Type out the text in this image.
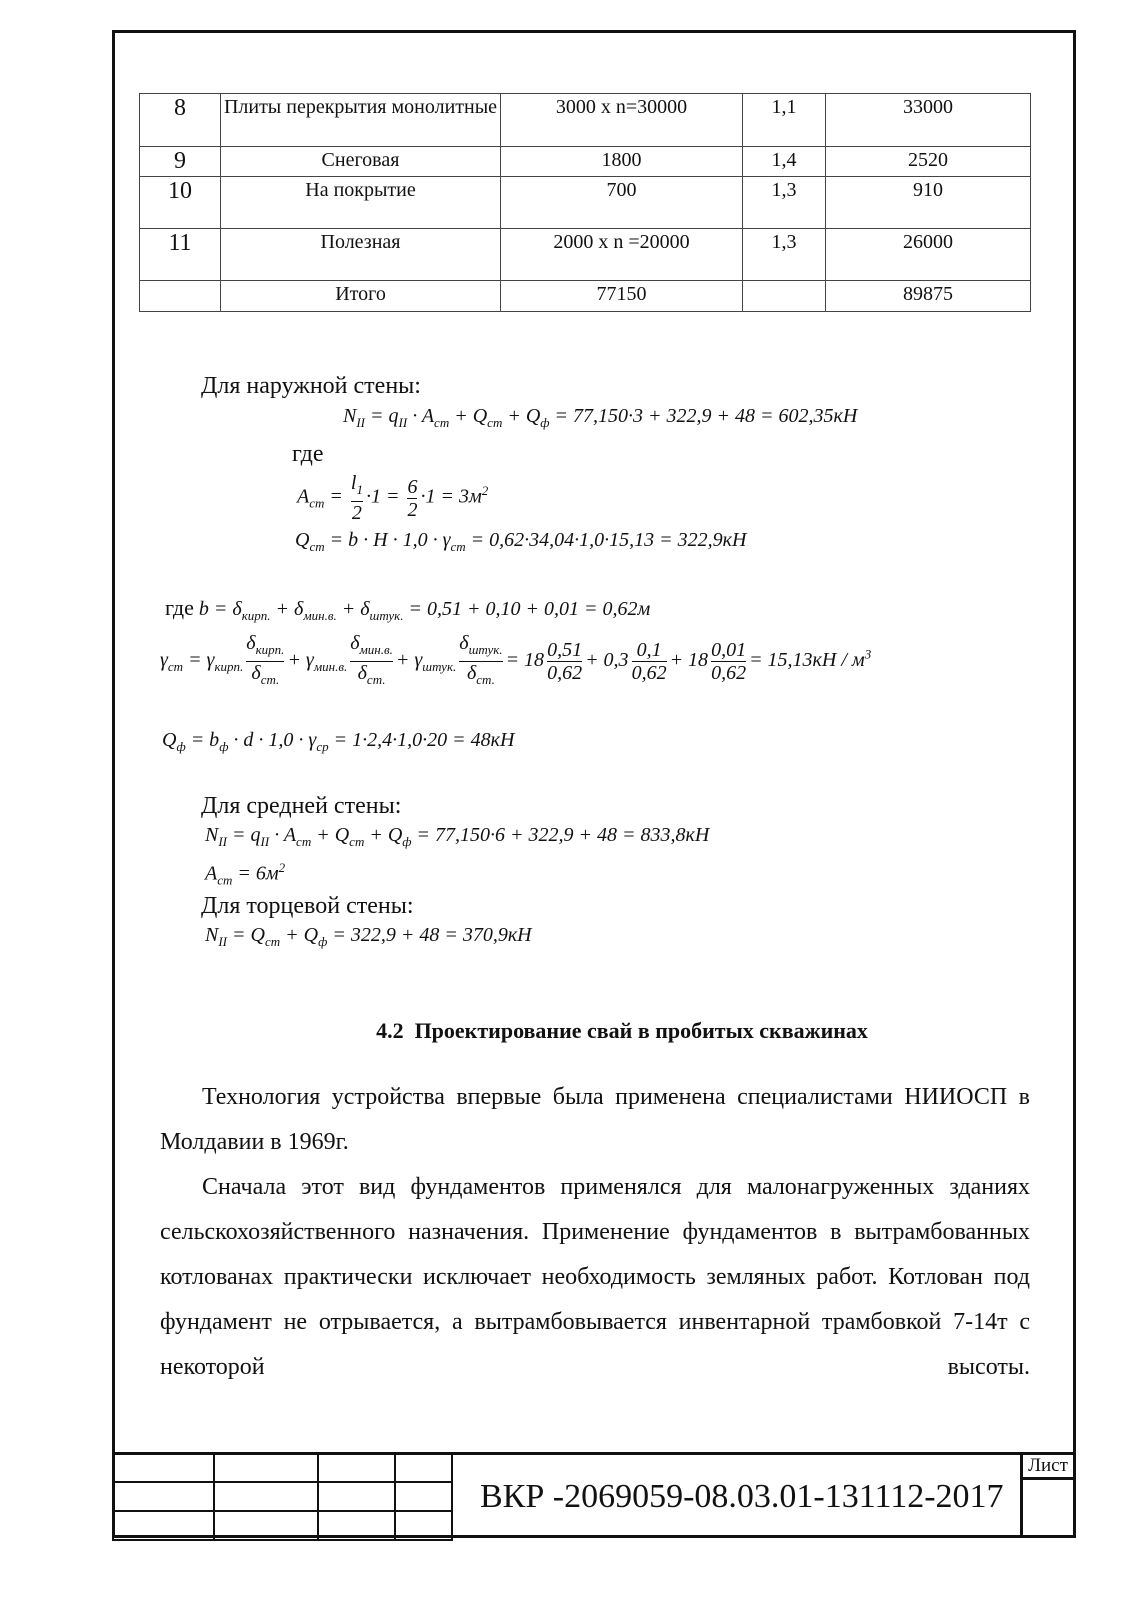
8	Плиты перекрытия монолитные	3000 х n=30000	1,1	33000
9	Снеговая	1800	1,4	2520
10	На покрытие	700	1,3	910
11	Полезная	2000 х n =20000	1,3	26000
	Итого	77150		89875
Для наружной стены:
$N_{II} = q_{II} \cdot A_{ст} + Q_{ст} + Q_ф = 77,150\cdot 3 + 322,9 + 48 = 602,35кН$
где
$A_{ст} = \frac{l_1}{2} \cdot 1 = \frac{6}{2} \cdot 1 = 3м^2$
$Q_{ст} = b \cdot H \cdot 1,0 \cdot \gamma_{ст} = 0,62\cdot 34,04\cdot 1,0\cdot 15,13 = 322,9кН$
где $b = \delta_{кирп.} + \delta_{мин.в.} + \delta_{штук.} = 0,51 + 0,10 + 0,01 = 0,62м$
$\gamma_{ст} = \gamma_{кирп.} \frac{\delta_{кирп.}}{\delta_{ст.}} + \gamma_{мин.в.} \frac{\delta_{мин.в.}}{\delta_{ст.}} + \gamma_{штук.} \frac{\delta_{штук.}}{\delta_{ст.}} = 18 \frac{0,51}{0,62} + 0,3 \frac{0,1}{0,62} + 18 \frac{0,01}{0,62} = 15,13кН / м^3$
$Q_ф = b_ф \cdot d \cdot 1,0 \cdot \gamma_{ср} = 1\cdot 2,4\cdot 1,0\cdot 20 = 48кН$
Для средней стены:
$N_{II} = q_{II} \cdot A_{ст} + Q_{ст} + Q_ф = 77,150\cdot 6 + 322,9 + 48 = 833,8кН$
$A_{ст} = 6м^2$
Для торцевой стены:
$N_{II} = Q_{ст} + Q_ф = 322,9 + 48 = 370,9кН$
4.2 Проектирование свай в пробитых скважинах

Технология устройства впервые была применена специалистами НИИОСП в Молдавии в 1969г.

Сначала этот вид фундаментов применялся для малонагруженных зданиях сельскохозяйственного назначения. Применение фундаментов в вытрамбованных котлованах практически исключает необходимость земляных работ. Котлован под фундамент не отрывается, а вытрамбовывается инвентарной трамбовкой 7-14т с некоторой высоты.

ВКР -2069059-08.03.01-131112-2017
Лист
